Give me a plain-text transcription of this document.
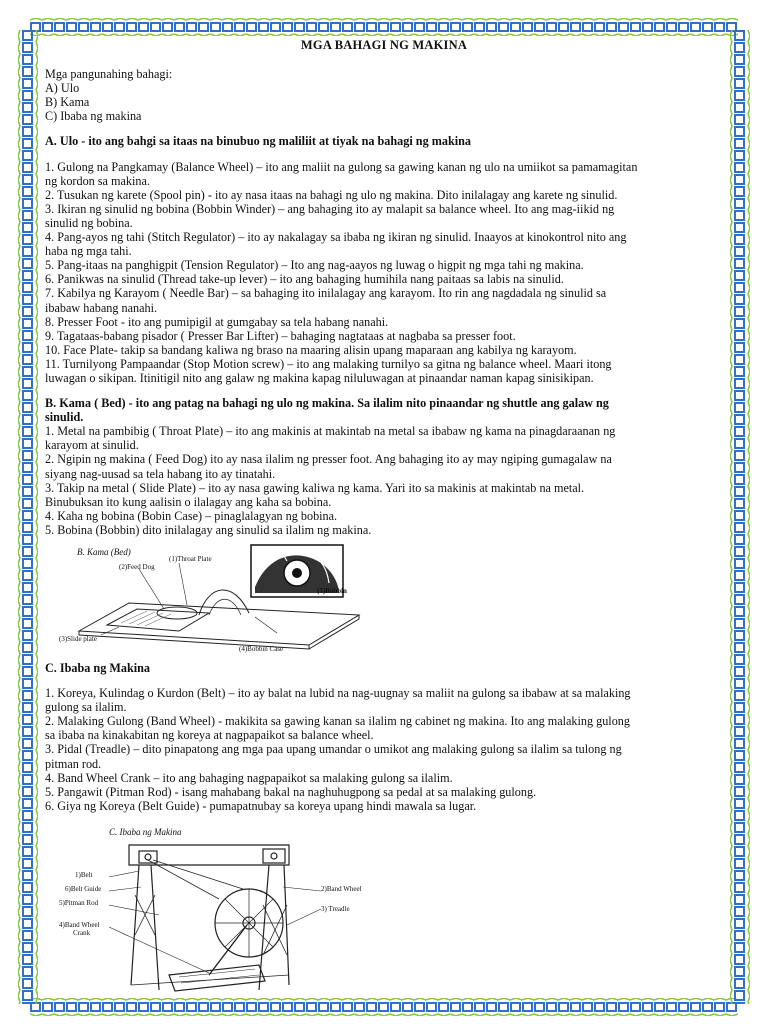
MGA BAHAGI NG MAKINA

Mga pangunahing bahagi:

A) Ulo

B) Kama

C) Ibaba ng makina

A. Ulo - ito ang bahgi sa itaas na binubuo ng maliliit at tiyak na bahagi ng makina

1. Gulong na Pangkamay (Balance Wheel) – ito ang maliit na gulong sa gawing kanan ng ulo na umiikot sa pamamagitan

ng kordon sa makina.

2. Tusukan ng karete (Spool pin) - ito ay nasa itaas na bahagi ng ulo ng makina. Dito inilalagay ang karete ng sinulid.

3. Ikiran ng sinulid ng bobina (Bobbin Winder) – ang bahaging ito ay malapit sa balance wheel. Ito ang mag-iikid ng

sinulid ng bobina.

4. Pang-ayos ng tahi (Stitch Regulator) – ito ay nakalagay sa ibaba ng ikiran ng sinulid. Inaayos at kinokontrol nito ang

haba ng mga tahi.

5. Pang-itaas na panghigpit (Tension Regulator) – Ito ang nag-aayos ng luwag o higpit ng mga tahi ng makina.

6. Panikwas na sinulid (Thread take-up lever) – ito ang bahaging humihila nang paitaas sa labis na sinulid.

7. Kabilya ng Karayom ( Needle Bar) – sa bahaging ito inilalagay ang karayom. Ito rin ang nagdadala ng sinulid sa

ibabaw habang nanahi.

8. Presser Foot - ito ang pumipigil at gumgabay sa tela habang nanahi.

9. Tagataas-babang pisador ( Presser Bar Lifter) – bahaging nagtataas at nagbaba sa presser foot.

10. Face Plate- takip sa bandang kaliwa ng braso na maaring alisin upang maparaan ang kabilya ng karayom.

11. Turnilyong Pampaandar (Stop Motion screw) – ito ang malaking turnilyo sa gitna ng balance wheel. Maari itong

luwagan o sikipan. Itinitigil nito ang galaw ng makina kapag niluluwagan at pinaandar naman kapag sinisikipan.

B. Kama ( Bed) - ito ang patag na bahagi ng ulo ng makina. Sa ilalim nito pinaandar ng shuttle ang galaw ng

sinulid.

1. Metal na pambibig ( Throat Plate) – ito ang makinis at makintab na metal sa ibabaw ng kama na pinagdaraanan ng

karayom at sinulid.

2. Ngipin ng makina ( Feed Dog) ito ay nasa ilalim ng presser foot. Ang bahaging ito ay may ngiping gumagalaw na

siyang nag-uusad sa tela habang ito ay tinatahi.

3. Takip na metal ( Slide Plate) – ito ay nasa gawing kaliwa ng kama. Yari ito sa makinis at makintab na metal.

Binubuksan ito kung aalisin o ilalagay ang kaha sa bobina.

4. Kaha ng bobina (Bobin Case) – pinaglalagyan ng bobina.

5. Bobina (Bobbin) dito inilalagay ang sinulid sa ilalim ng makina.

B. Kama (Bed)
(1)Throat Plate
(2)Feed Dog
(5)Bobbin
(3)Slide plate
(4)Bobbin Case

C. Ibaba ng Makina

1. Koreya, Kulindag o Kurdon (Belt) – ito ay balat na lubid na nag-uugnay sa maliit na gulong sa ibabaw at sa malaking

gulong sa ilalim.

2. Malaking Gulong (Band Wheel) - makikita sa gawing kanan sa ilalim ng cabinet ng makina. Ito ang malaking gulong

sa ibaba na kinakabitan ng koreya at nagpapaikot sa balance wheel.

3. Pidal (Treadle) – dito pinapatong ang mga paa upang umandar o umikot ang malaking gulong sa ilalim sa tulong ng

pitman rod.

4. Band Wheel Crank – ito ang bahaging nagpapaikot sa malaking gulong sa ilalim.

5. Pangawit (Pitman Rod) - isang mahabang bakal na naghuhugpong sa pedal at sa malaking gulong.

6. Giya ng Koreya (Belt Guide) - pumapatnubay sa koreya upang hindi mawala sa lugar.

C. Ibaba ng Makina
1)Belt
6)Belt Guide
5)Pitman Rod
4)Band Wheel
Crank
2)Band Wheel
3) Treadle
